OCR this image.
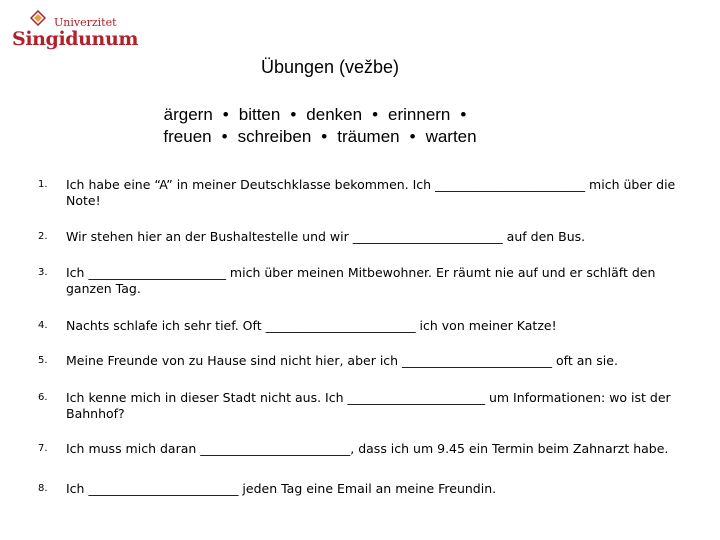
Univerzitet
Singidunum
Übungen (vežbe)
ärgern • bitten • denken • erinnern •
freuen • schreiben • träumen • warten
1. Ich habe eine “A” in meiner Deutschklasse bekommen. Ich ________________________ mich über die Note!
2. Wir stehen hier an der Bushaltestelle und wir ________________________ auf den Bus.
3. Ich ______________________ mich über meinen Mitbewohner. Er räumt nie auf und er schläft den ganzen Tag.
4. Nachts schlafe ich sehr tief. Oft ________________________ ich von meiner Katze!
5. Meine Freunde von zu Hause sind nicht hier, aber ich ________________________ oft an sie.
6. Ich kenne mich in dieser Stadt nicht aus. Ich ______________________ um Informationen: wo ist der Bahnhof?
7. Ich muss mich daran ________________________, dass ich um 9.45 ein Termin beim Zahnarzt habe.
8. Ich ________________________ jeden Tag eine Email an meine Freundin.
